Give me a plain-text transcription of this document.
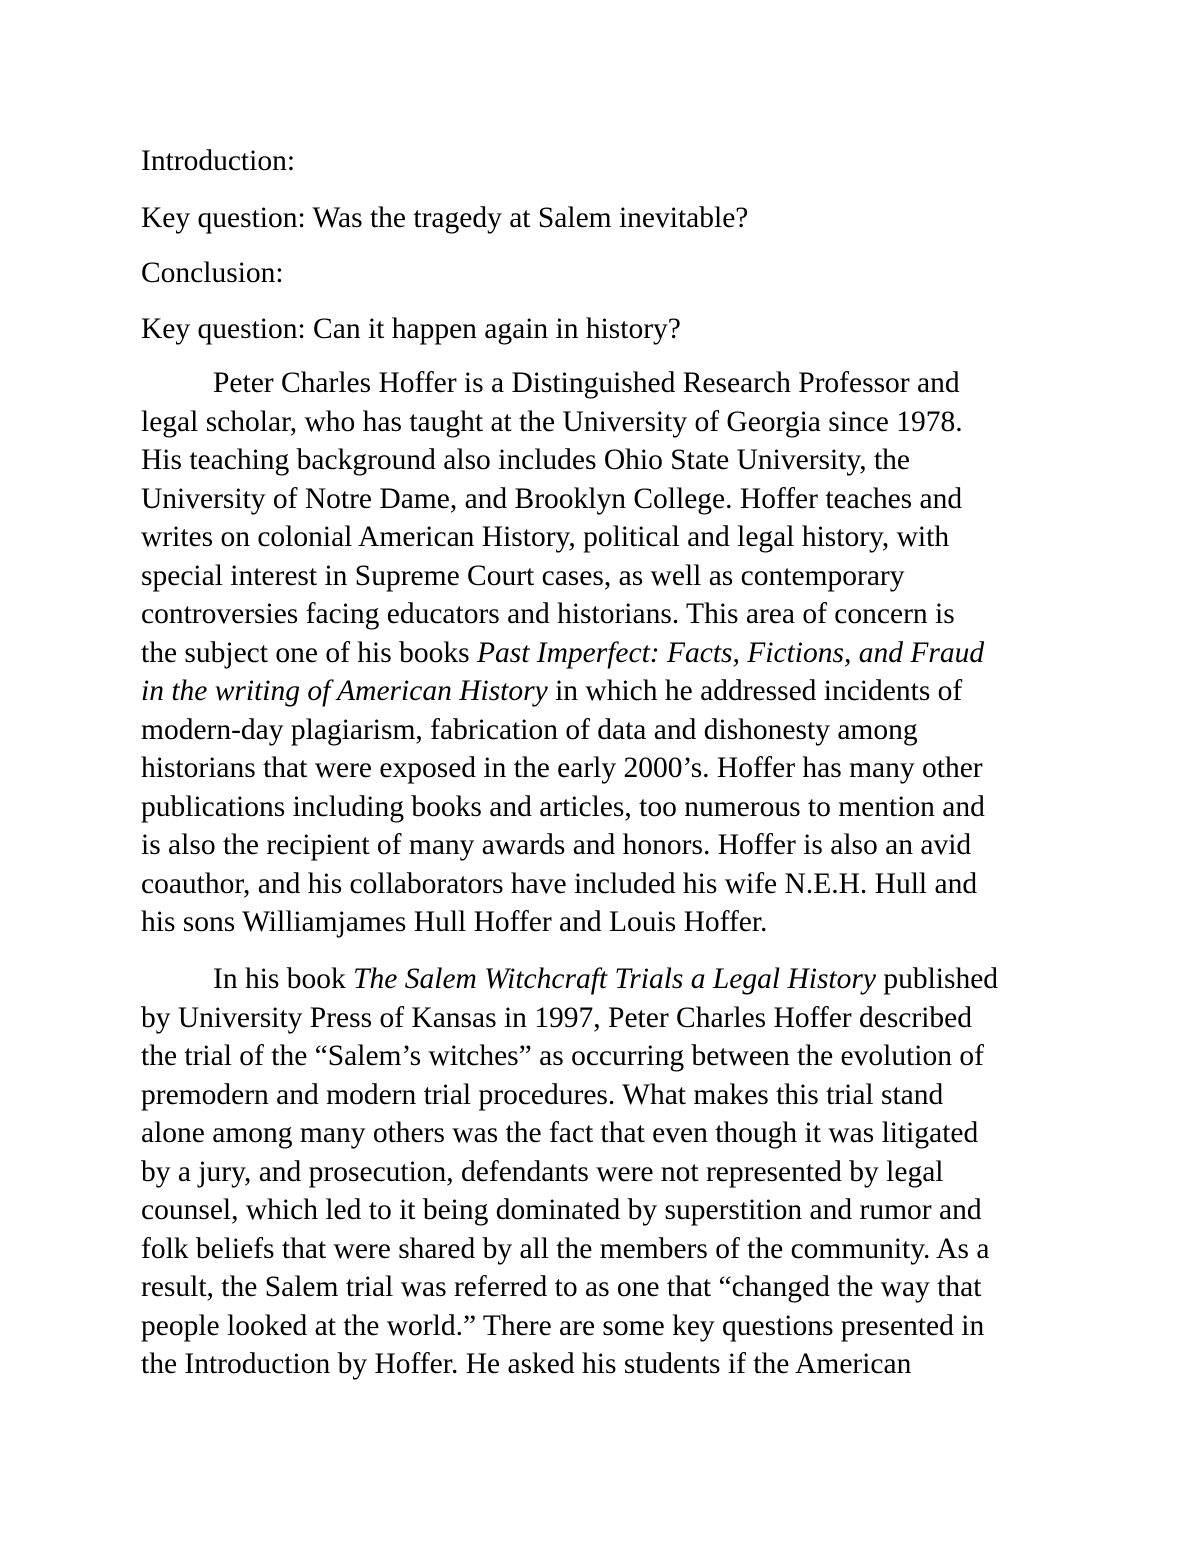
Introduction:
Key question: Was the tragedy at Salem inevitable?
Conclusion:
Key question: Can it happen again in history?
Peter Charles Hoffer is a Distinguished Research Professor and
legal scholar, who has taught at the University of Georgia since 1978.
His teaching background also includes Ohio State University, the
University of Notre Dame, and Brooklyn College. Hoffer teaches and
writes on colonial American History, political and legal history, with
special interest in Supreme Court cases, as well as contemporary
controversies facing educators and historians. This area of concern is
the subject one of his books Past Imperfect: Facts, Fictions, and Fraud
in the writing of American History in which he addressed incidents of
modern-day plagiarism, fabrication of data and dishonesty among
historians that were exposed in the early 2000’s. Hoffer has many other
publications including books and articles, too numerous to mention and
is also the recipient of many awards and honors. Hoffer is also an avid
coauthor, and his collaborators have included his wife N.E.H. Hull and
his sons Williamjames Hull Hoffer and Louis Hoffer.
In his book The Salem Witchcraft Trials a Legal History published
by University Press of Kansas in 1997, Peter Charles Hoffer described
the trial of the “Salem’s witches” as occurring between the evolution of
premodern and modern trial procedures. What makes this trial stand
alone among many others was the fact that even though it was litigated
by a jury, and prosecution, defendants were not represented by legal
counsel, which led to it being dominated by superstition and rumor and
folk beliefs that were shared by all the members of the community. As a
result, the Salem trial was referred to as one that “changed the way that
people looked at the world.” There are some key questions presented in
the Introduction by Hoffer. He asked his students if the American
